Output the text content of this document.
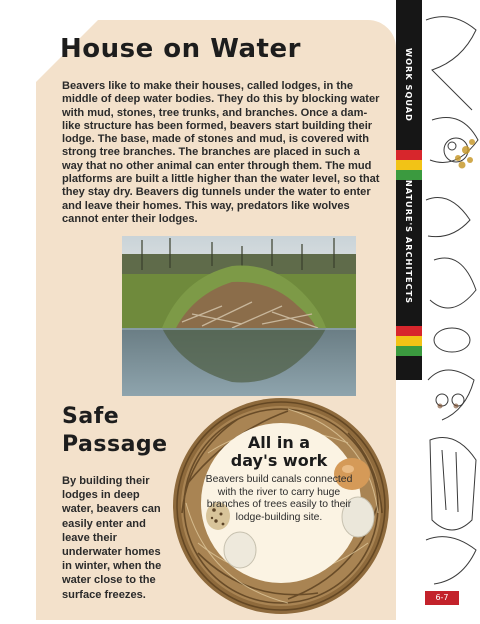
House on Water

Beavers like to make their houses, called lodges, in the middle of deep water bodies. They do this by blocking water with mud, stones, tree trunks, and branches. Once a dam-like structure has been formed, beavers start building their lodge. The base, made of stones and mud, is covered with strong tree branches. The branches are placed in such a way that no other animal can enter through them. The mud platforms are built a little higher than the water level, so that they stay dry. Beavers dig tunnels under the water to enter and leave their homes. This way, predators like wolves cannot enter their lodges.

Safe
Passage

By building their lodges in deep water, beavers can easily enter and leave their underwater homes in winter, when the water close to the surface freezes.

All in a
day's work

Beavers build canals connected with the river to carry huge branches of trees easily to their lodge-building site.

WORK SQUAD
NATURE'S ARCHITECTS
6-7
